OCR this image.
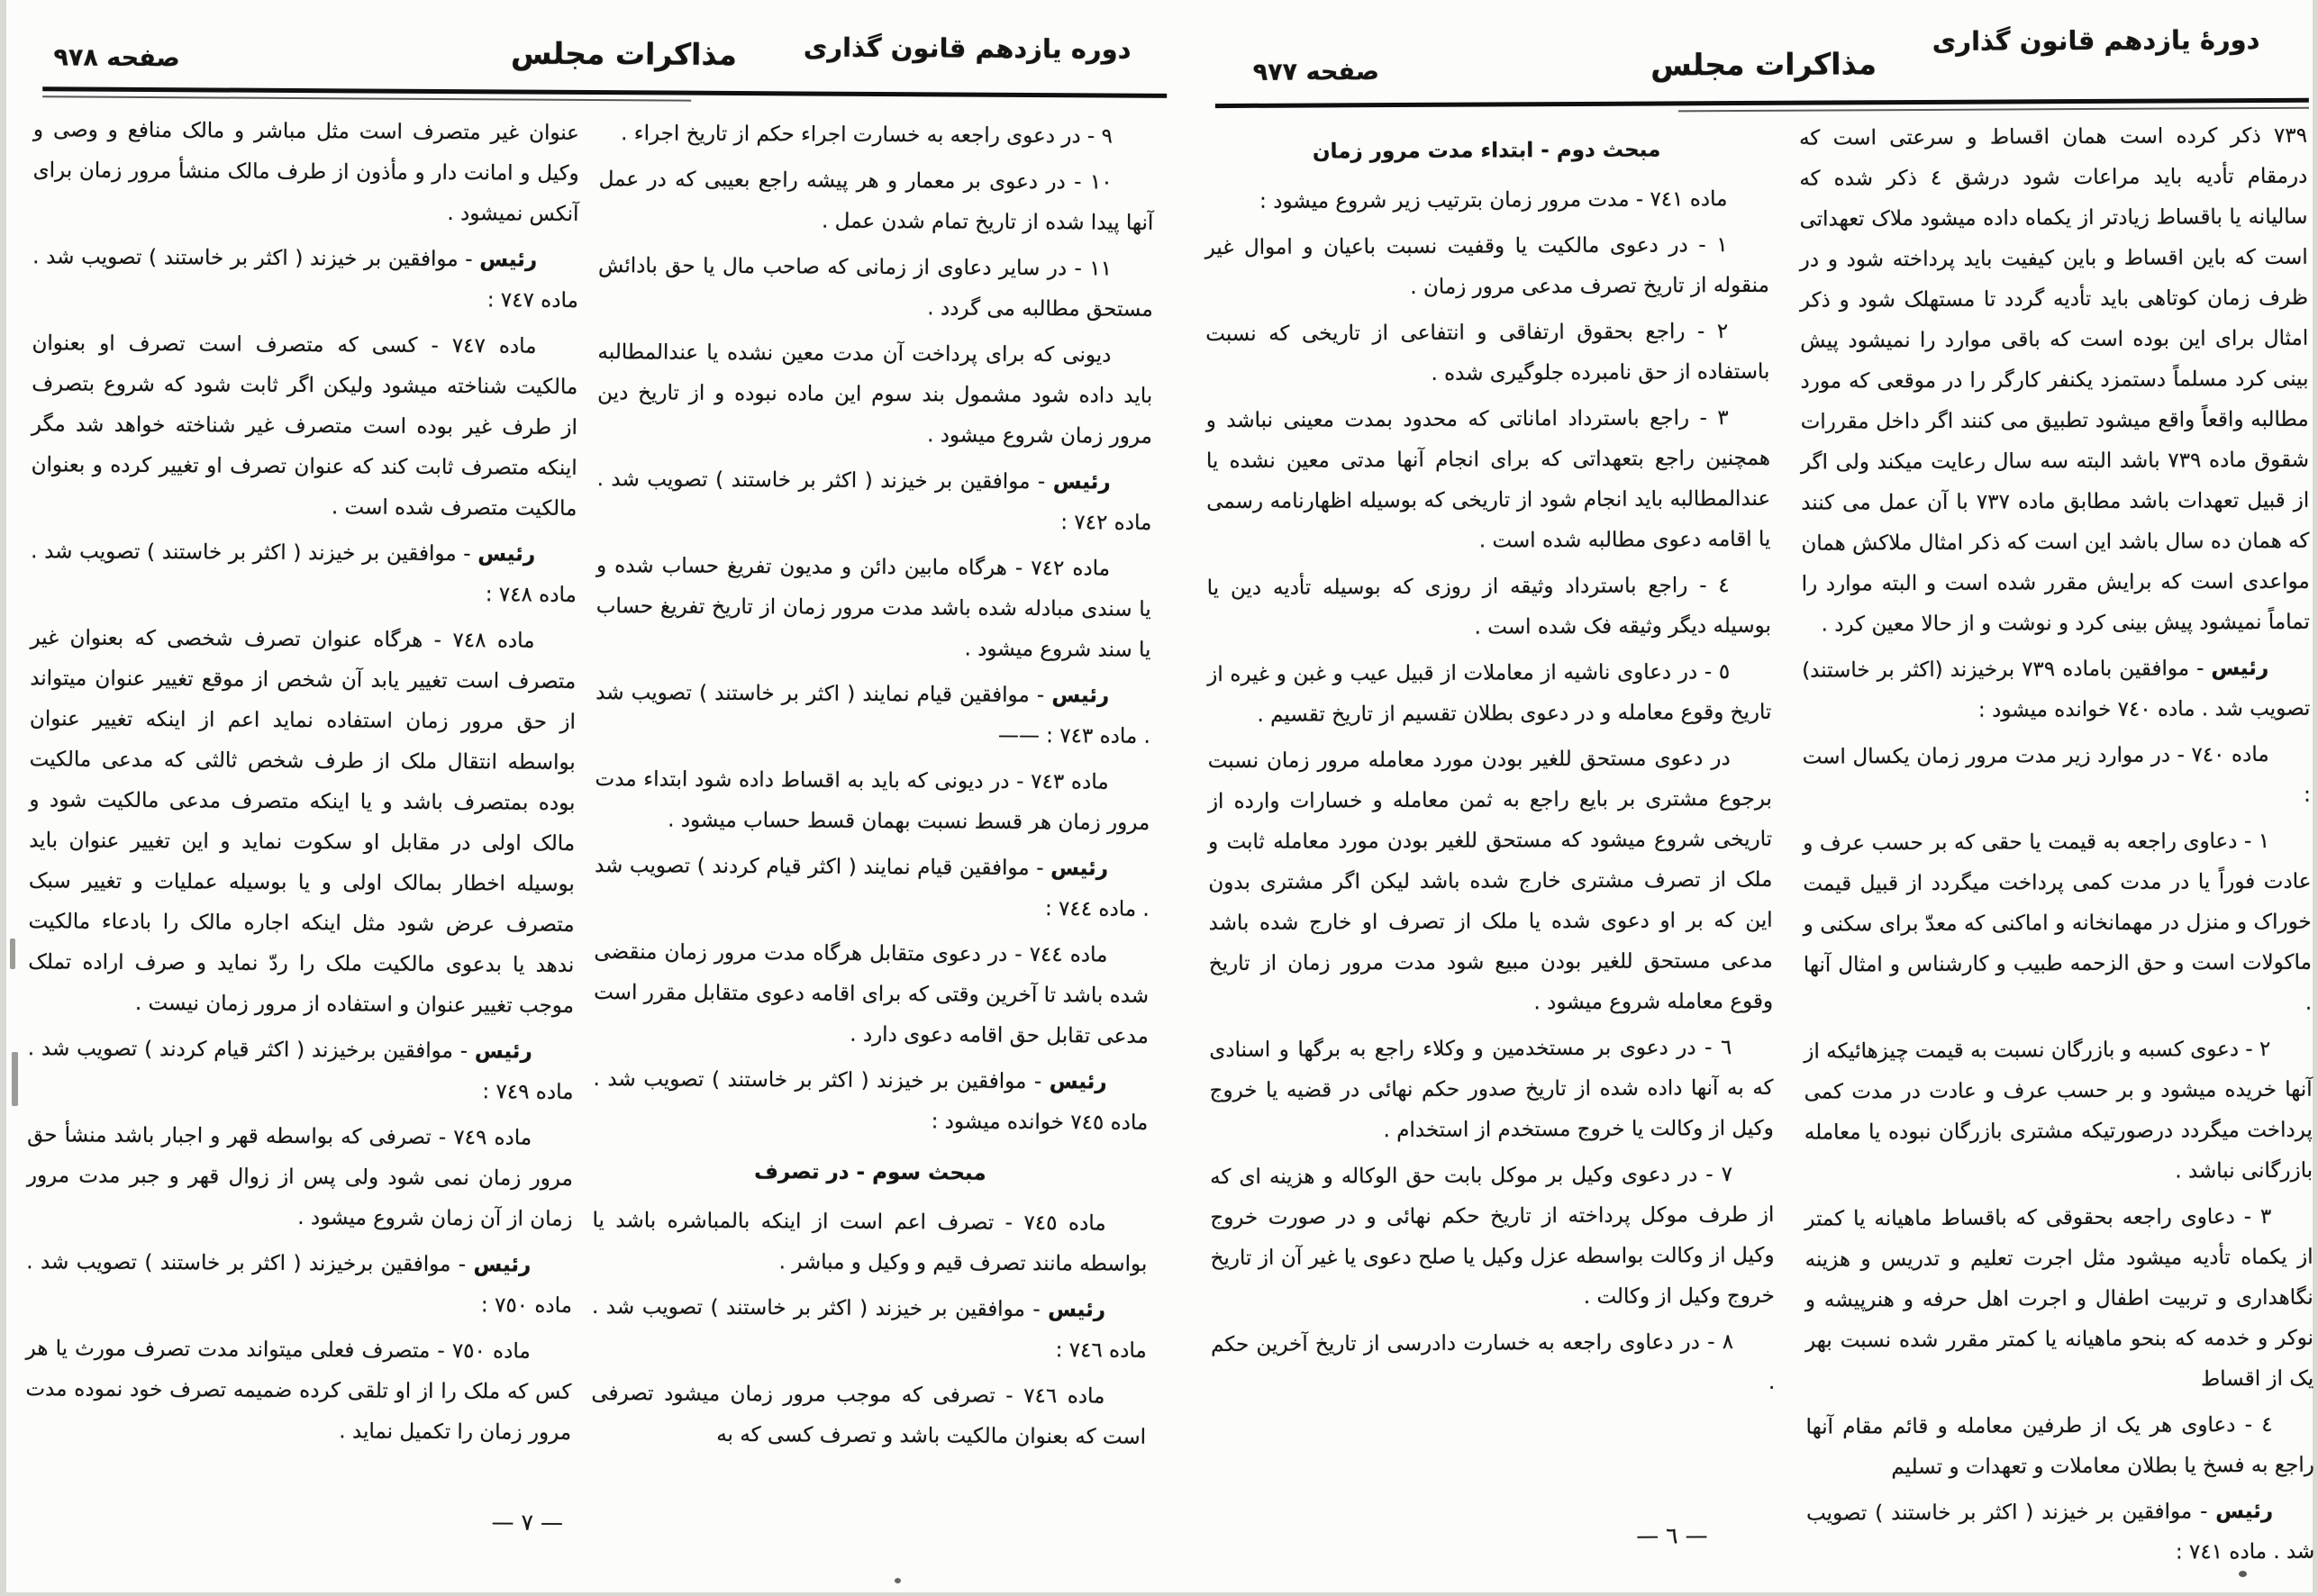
صفحه ٩٧٨	مذاکرات مجلس	دوره یازدهم قانون گذاری
٩ - در دعوی راجعه به خسارت اجراء حکم از تاریخ اجراء .
١٠ - در دعوی بر معمار و هر پیشه راجع بعیبی که در عمل آنها پیدا شده از تاریخ تمام شدن عمل .
١١ - در سایر دعاوی از زمانی که صاحب مال یا حق بادائش مستحق مطالبه می گردد .
دیونی که برای پرداخت آن مدت معین نشده یا عندالمطالبه باید داده شود مشمول بند سوم این ماده نبوده و از تاریخ دین مرور زمان شروع میشود .
رئیس - موافقین بر خیزند ( اکثر بر خاستند ) تصویب شد . ماده ٧٤٢ :
ماده ٧٤٢ - هرگاه مابین دائن و مدیون تفریغ حساب شده و یا سندی مبادله شده باشد مدت مرور زمان از تاریخ تفریغ حساب یا سند شروع میشود .
رئیس - موافقین قیام نمایند ( اکثر بر خاستند ) تصویب شد . ماده ٧٤٣ : ——
ماده ٧٤٣ - در دیونی که باید به اقساط داده شود ابتداء مدت مرور زمان هر قسط نسبت بهمان قسط حساب میشود .
رئیس - موافقین قیام نمایند ( اکثر قیام کردند ) تصویب شد . ماده ٧٤٤ :
ماده ٧٤٤ - در دعوی متقابل هرگاه مدت مرور زمان منقضی شده باشد تا آخرین وقتی که برای اقامه دعوی متقابل مقرر است مدعی تقابل حق اقامه دعوی دارد .
رئیس - موافقین بر خیزند ( اکثر بر خاستند ) تصویب شد . ماده ٧٤٥ خوانده میشود :
مبحث سوم - در تصرف
ماده ٧٤٥ - تصرف اعم است از اینکه بالمباشره باشد یا بواسطه مانند تصرف قیم و وکیل و مباشر .
رئیس - موافقین بر خیزند ( اکثر بر خاستند ) تصویب شد . ماده ٧٤٦ :
ماده ٧٤٦ - تصرفی که موجب مرور زمان میشود تصرفی است که بعنوان مالکیت باشد و تصرف کسی که به
عنوان غیر متصرف است مثل مباشر و مالک منافع و وصی و وکیل و امانت دار و مأذون از طرف مالک منشأ مرور زمان برای آنکس نمیشود .
رئیس - موافقین بر خیزند ( اکثر بر خاستند ) تصویب شد . ماده ٧٤٧ :
ماده ٧٤٧ - کسی که متصرف است تصرف او بعنوان مالکیت شناخته میشود ولیکن اگر ثابت شود که شروع بتصرف از طرف غیر بوده است متصرف غیر شناخته خواهد شد مگر اینکه متصرف ثابت کند که عنوان تصرف او تغییر کرده و بعنوان مالکیت متصرف شده است .
رئیس - موافقین بر خیزند ( اکثر بر خاستند ) تصویب شد . ماده ٧٤٨ :
ماده ٧٤٨ - هرگاه عنوان تصرف شخصی که بعنوان غیر متصرف است تغییر یابد آن شخص از موقع تغییر عنوان میتواند از حق مرور زمان استفاده نماید اعم از اینکه تغییر عنوان بواسطه انتقال ملک از طرف شخص ثالثی که مدعی مالکیت بوده بمتصرف باشد و یا اینکه متصرف مدعی مالکیت شود و مالک اولی در مقابل او سکوت نماید و این تغییر عنوان باید بوسیله اخطار بمالک اولی و یا بوسیله عملیات و تغییر سبک متصرف عرض شود مثل اینکه اجاره مالک را بادعاء مالکیت ندهد یا بدعوی مالکیت ملک را ردّ نماید و صرف اراده تملک موجب تغییر عنوان و استفاده از مرور زمان نیست .
رئیس - موافقین برخیزند ( اکثر قیام کردند ) تصویب شد . ماده ٧٤٩ :
ماده ٧٤٩ - تصرفی که بواسطه قهر و اجبار باشد منشأ حق مرور زمان نمی شود ولی پس از زوال قهر و جبر مدت مرور زمان از آن زمان شروع میشود .
رئیس - موافقین برخیزند ( اکثر بر خاستند ) تصویب شد . ماده ٧٥٠ :
ماده ٧٥٠ - متصرف فعلی میتواند مدت تصرف مورث یا هر کس که ملک را از او تلقی کرده ضمیمه تصرف خود نموده مدت مرور زمان را تکمیل نماید .
— ٧ —
صفحه ٩٧٧	مذاکرات مجلس
دورهٔ یازدهم قانون گذاری
٧٣٩ ذکر کرده است همان اقساط و سرعتی است که درمقام تأدیه باید مراعات شود درشق ٤ ذکر شده که سالیانه یا باقساط زیادتر از یکماه داده میشود ملاک تعهداتی است که باین اقساط و باین کیفیت باید پرداخته شود و در ظرف زمان کوتاهی باید تأدیه گردد تا مستهلک شود و ذکر امثال برای این بوده است که باقی موارد را نمیشود پیش بینی کرد مسلماً دستمزد یکنفر کارگر را در موقعی که مورد مطالبه واقعاً واقع میشود تطبیق می کنند اگر داخل مقررات شقوق ماده ٧٣٩ باشد البته سه سال رعایت میکند ولی اگر از قبیل تعهدات باشد مطابق ماده ٧٣٧ با آن عمل می کنند که همان ده سال باشد این است که ذکر امثال ملاکش همان مواعدی است که برایش مقرر شده است و البته موارد را تماماً نمیشود پیش بینی کرد و نوشت و از حالا معین کرد .
رئیس - موافقین باماده ٧٣٩ برخیزند (اکثر بر خاستند) تصویب شد . ماده ٧٤٠ خوانده میشود :
ماده ٧٤٠ - در موارد زیر مدت مرور زمان یکسال است :
١ - دعاوی راجعه به قیمت یا حقی که بر حسب عرف و عادت فوراً یا در مدت کمی پرداخت میگردد از قبیل قیمت خوراک و منزل در مهمانخانه و اماکنی که معدّ برای سکنی و ماکولات است و حق الزحمه طبیب و کارشناس و امثال آنها .
٢ - دعوی کسبه و بازرگان نسبت به قیمت چیزهائیکه از آنها خریده میشود و بر حسب عرف و عادت در مدت کمی پرداخت میگردد درصورتیکه مشتری بازرگان نبوده یا معامله بازرگانی نباشد .
٣ - دعاوی راجعه بحقوقی که باقساط ماهیانه یا کمتر از یکماه تأدیه میشود مثل اجرت تعلیم و تدریس و هزینه نگاهداری و تربیت اطفال و اجرت اهل حرفه و هنرپیشه و نوکر و خدمه که بنحو ماهیانه یا کمتر مقرر شده نسبت بهر یک از اقساط
٤ - دعاوی هر یک از طرفین معامله و قائم مقام آنها راجع به فسخ یا بطلان معاملات و تعهدات و تسلیم
رئیس - موافقین بر خیزند ( اکثر بر خاستند ) تصویب شد . ماده ٧٤١ :
مبحث دوم - ابتداء مدت مرور زمان
ماده ٧٤١ - مدت مرور زمان بترتیب زیر شروع میشود :
١ - در دعوی مالکیت یا وقفیت نسبت باعیان و اموال غیر منقوله از تاریخ تصرف مدعی مرور زمان .
٢ - راجع بحقوق ارتفاقی و انتفاعی از تاریخی که نسبت باستفاده از حق نامبرده جلوگیری شده .
٣ - راجع باسترداد اماناتی که محدود بمدت معینی نباشد و همچنین راجع بتعهداتی که برای انجام آنها مدتی معین نشده یا عندالمطالبه باید انجام شود از تاریخی که بوسیله اظهارنامه رسمی یا اقامه دعوی مطالبه شده است .
٤ - راجع باسترداد وثیقه از روزی که بوسیله تأدیه دین یا بوسیله دیگر وثیقه فک شده است .
٥ - در دعاوی ناشیه از معاملات از قبیل عیب و غبن و غیره از تاریخ وقوع معامله و در دعوی بطلان تقسیم از تاریخ تقسیم .
در دعوی مستحق للغیر بودن مورد معامله مرور زمان نسبت برجوع مشتری بر بایع راجع به ثمن معامله و خسارات وارده از تاریخی شروع میشود که مستحق للغیر بودن مورد معامله ثابت و ملک از تصرف مشتری خارج شده باشد لیکن اگر مشتری بدون این که بر او دعوی شده یا ملک از تصرف او خارج شده باشد مدعی مستحق للغیر بودن مبیع شود مدت مرور زمان از تاریخ وقوع معامله شروع میشود .
٦ - در دعوی بر مستخدمین و وکلاء راجع به برگها و اسنادی که به آنها داده شده از تاریخ صدور حکم نهائی در قضیه یا خروج وکیل از وکالت یا خروج مستخدم از استخدام .
٧ - در دعوی وکیل بر موکل بابت حق الوکاله و هزینه ای که از طرف موکل پرداخته از تاریخ حکم نهائی و در صورت خروج وکیل از وکالت بواسطه عزل وکیل یا صلح دعوی یا غیر آن از تاریخ خروج وکیل از وکالت .
٨ - در دعاوی راجعه به خسارت دادرسی از تاریخ آخرین حکم .
— ٦ —
